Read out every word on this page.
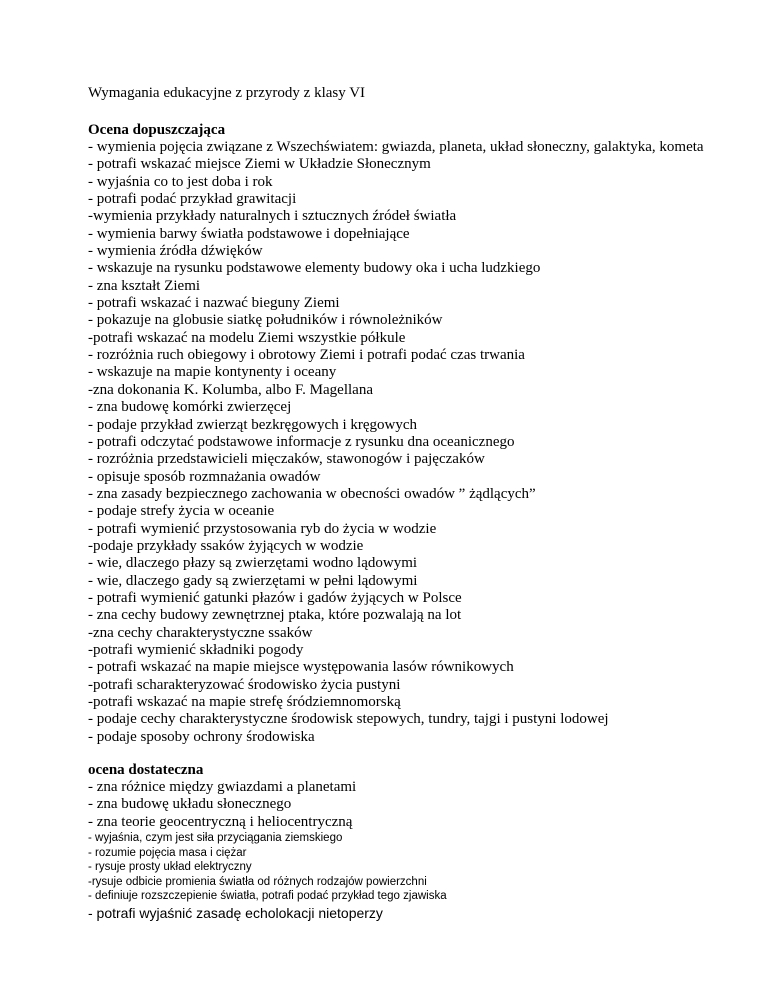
Wymagania edukacyjne z przyrody z klasy VI
Ocena dopuszczająca
- wymienia pojęcia związane z Wszechświatem: gwiazda, planeta, układ słoneczny, galaktyka, kometa
- potrafi wskazać miejsce Ziemi w Układzie Słonecznym
- wyjaśnia co to jest doba i rok
- potrafi podać przykład grawitacji
-wymienia przykłady naturalnych i sztucznych źródeł światła
- wymienia barwy światła podstawowe i dopełniające
- wymienia źródła dźwięków
- wskazuje na rysunku podstawowe elementy budowy oka i ucha ludzkiego
- zna kształt Ziemi
- potrafi wskazać i nazwać bieguny Ziemi
- pokazuje na globusie siatkę południków i równoleżników
-potrafi wskazać na modelu Ziemi wszystkie półkule
- rozróżnia ruch obiegowy i obrotowy Ziemi i potrafi podać czas trwania
- wskazuje na mapie kontynenty i oceany
-zna dokonania K. Kolumba, albo F. Magellana
- zna budowę komórki zwierzęcej
- podaje przykład zwierząt bezkręgowych i kręgowych
- potrafi odczytać podstawowe informacje z rysunku dna oceanicznego
- rozróżnia przedstawicieli mięczaków, stawonogów i pajęczaków
- opisuje sposób rozmnażania owadów
- zna zasady bezpiecznego zachowania w obecności owadów ” żądlących”
- podaje strefy życia w oceanie
- potrafi wymienić przystosowania ryb do życia w wodzie
-podaje przykłady ssaków żyjących w wodzie
- wie, dlaczego płazy są zwierzętami wodno lądowymi
- wie, dlaczego gady są zwierzętami w pełni lądowymi
- potrafi wymienić gatunki płazów i gadów żyjących w Polsce
- zna cechy budowy zewnętrznej ptaka, które pozwalają na lot
-zna cechy charakterystyczne ssaków
-potrafi wymienić składniki pogody
- potrafi wskazać na mapie miejsce występowania lasów równikowych
-potrafi scharakteryzować środowisko życia pustyni
-potrafi wskazać na mapie strefę śródziemnomorską
- podaje cechy charakterystyczne środowisk stepowych, tundry, tajgi i pustyni lodowej
- podaje sposoby ochrony środowiska
ocena dostateczna
- zna różnice między gwiazdami a planetami
- zna budowę układu słonecznego
- zna teorie geocentryczną i heliocentryczną
- wyjaśnia, czym jest siła przyciągania ziemskiego
- rozumie pojęcia masa i ciężar
- rysuje prosty układ elektryczny
-rysuje odbicie promienia światła od różnych rodzajów powierzchni
- definiuje rozszczepienie światła, potrafi podać przykład tego zjawiska
- potrafi wyjaśnić zasadę echolokacji nietoperzy
